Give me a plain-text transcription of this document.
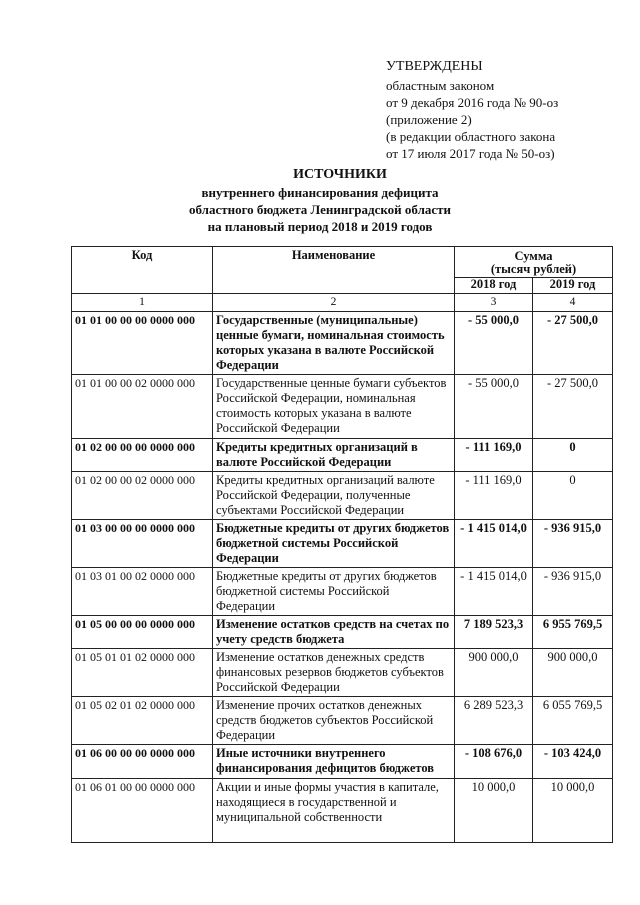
УТВЕРЖДЕНЫ
областным законом
от 9 декабря 2016 года № 90-оз
(приложение 2)
(в редакции областного закона
от 17 июля 2017 года № 50-оз)
ИСТОЧНИКИ
внутреннего финансирования дефицита
областного бюджета Ленинградской области
на плановый период 2018 и 2019 годов
Код	Наименование	Сумма
(тысяч рублей)	

		2018 год	2019 год
1	2	3	4
01 01 00 00 00 0000 000	Государственные (муниципальные) ценные бумаги, номинальная стоимость которых указана в валюте Российской Федерации	- 55 000,0	- 27 500,0
01 01 00 00 02 0000 000	Государственные ценные бумаги субъектов Российской Федерации, номинальная стоимость которых указана в валюте Российской Федерации	- 55 000,0	- 27 500,0
01 02 00 00 00 0000 000	Кредиты кредитных организаций в валюте Российской Федерации	- 111 169,0	0
01 02 00 00 02 0000 000	Кредиты кредитных организаций валюте Российской Федерации, полученные субъектами Российской Федерации	- 111 169,0	0
01 03 00 00 00 0000 000	Бюджетные кредиты от других бюджетов бюджетной системы Российской Федерации	- 1 415 014,0	- 936 915,0
01 03 01 00 02 0000 000	Бюджетные кредиты от других бюджетов бюджетной системы Российской Федерации	- 1 415 014,0	- 936 915,0
01 05 00 00 00 0000 000	Изменение остатков средств на счетах по учету средств бюджета	7 189 523,3	6 955 769,5
01 05 01 01 02 0000 000	Изменение остатков денежных средств финансовых резервов бюджетов субъектов Российской Федерации	900 000,0	900 000,0
01 05 02 01 02 0000 000	Изменение прочих остатков денежных средств бюджетов субъектов Российской Федерации	6 289 523,3	6 055 769,5
01 06 00 00 00 0000 000	Иные источники внутреннего финансирования дефицитов бюджетов	- 108 676,0	- 103 424,0
01 06 01 00 00 0000 000	Акции и иные формы участия в капитале, находящиеся в государственной и муниципальной собственности	10 000,0	10 000,0
